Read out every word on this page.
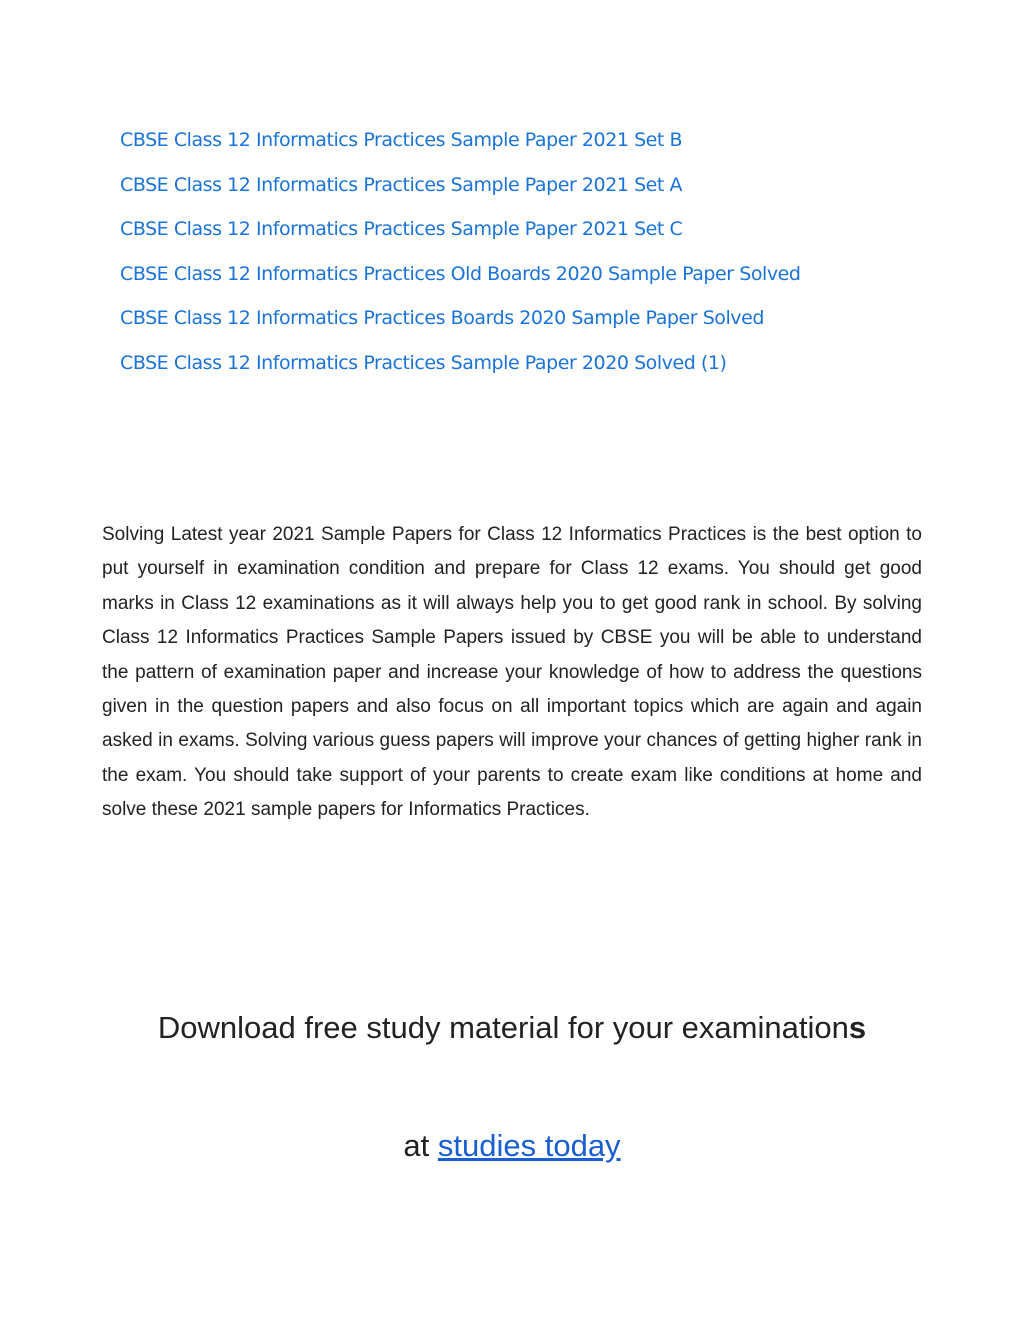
CBSE Class 12 Informatics Practices Sample Paper 2021 Set B
CBSE Class 12 Informatics Practices Sample Paper 2021 Set A
CBSE Class 12 Informatics Practices Sample Paper 2021 Set C
CBSE Class 12 Informatics Practices Old Boards 2020 Sample Paper Solved
CBSE Class 12 Informatics Practices Boards 2020 Sample Paper Solved
CBSE Class 12 Informatics Practices Sample Paper 2020 Solved (1)

Solving Latest year 2021 Sample Papers for Class 12 Informatics Practices is the best option to put yourself in examination condition and prepare for Class 12 exams. You should get good marks in Class 12 examinations as it will always help you to get good rank in school. By solving Class 12 Informatics Practices Sample Papers issued by CBSE you will be able to understand the pattern of examination paper and increase your knowledge of how to address the questions given in the question papers and also focus on all important topics which are again and again asked in exams. Solving various guess papers will improve your chances of getting higher rank in the exam. You should take support of your parents to create exam like conditions at home and solve these 2021 sample papers for Informatics Practices.

Download free study material for your examinations

at studies today
